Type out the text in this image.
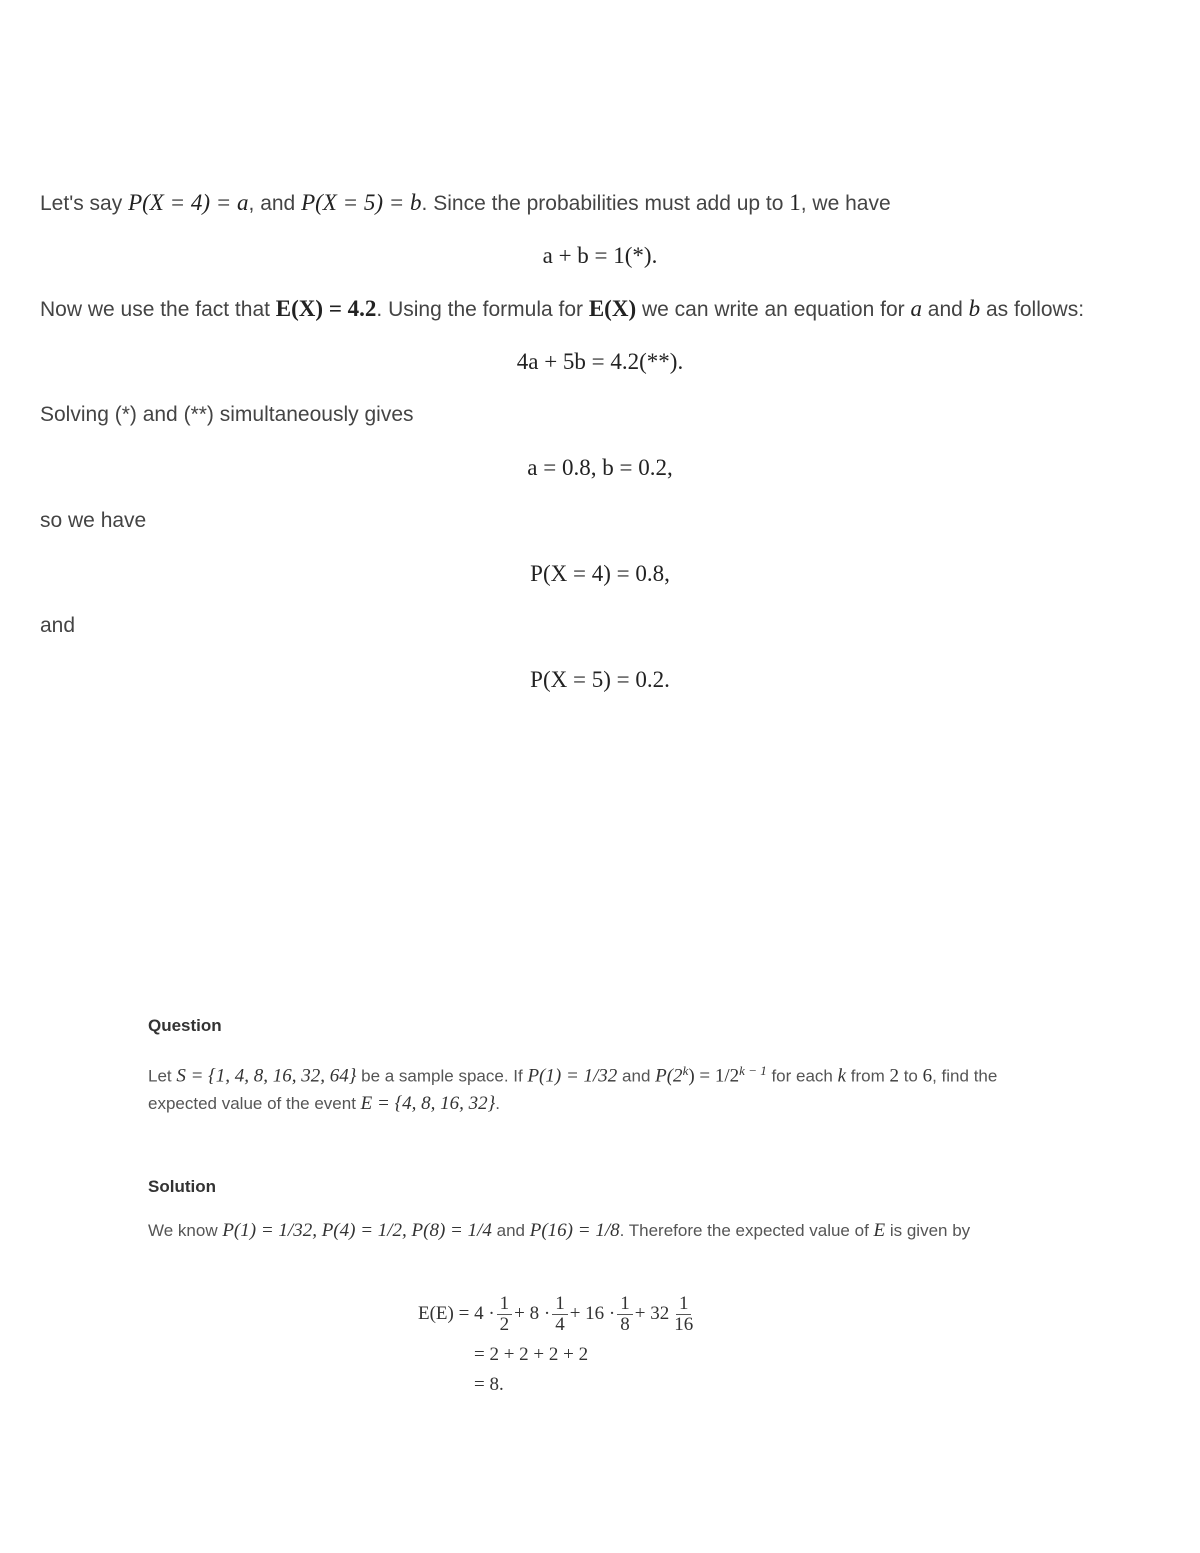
Let's say P(X = 4) = a, and P(X = 5) = b. Since the probabilities must add up to 1, we have
a + b = 1(*).
Now we use the fact that E(X) = 4.2. Using the formula for E(X) we can write an equation for a and b as follows:
4a + 5b = 4.2(**).
Solving (*) and (**) simultaneously gives
a = 0.8, b = 0.2,
so we have
P(X = 4) = 0.8,
and
P(X = 5) = 0.2.
Question
Let S = {1, 4, 8, 16, 32, 64} be a sample space. If P(1) = 1/32 and $P(2^k) = 1/2^{k - 1}$ for each k from 2 to 6, find the expected value of the event E = {4, 8, 16, 32}.
Solution
We know P(1) = 1/32, P(4) = 1/2, P(8) = 1/4 and P(16) = 1/8. Therefore the expected value of E is given by
$E(E) = 4 \cdot \frac{1}{2} + 8 \cdot \frac{1}{4} + 16 \cdot \frac{1}{8} + 32 \frac{1}{16}$
= 2 + 2 + 2 + 2
= 8.
